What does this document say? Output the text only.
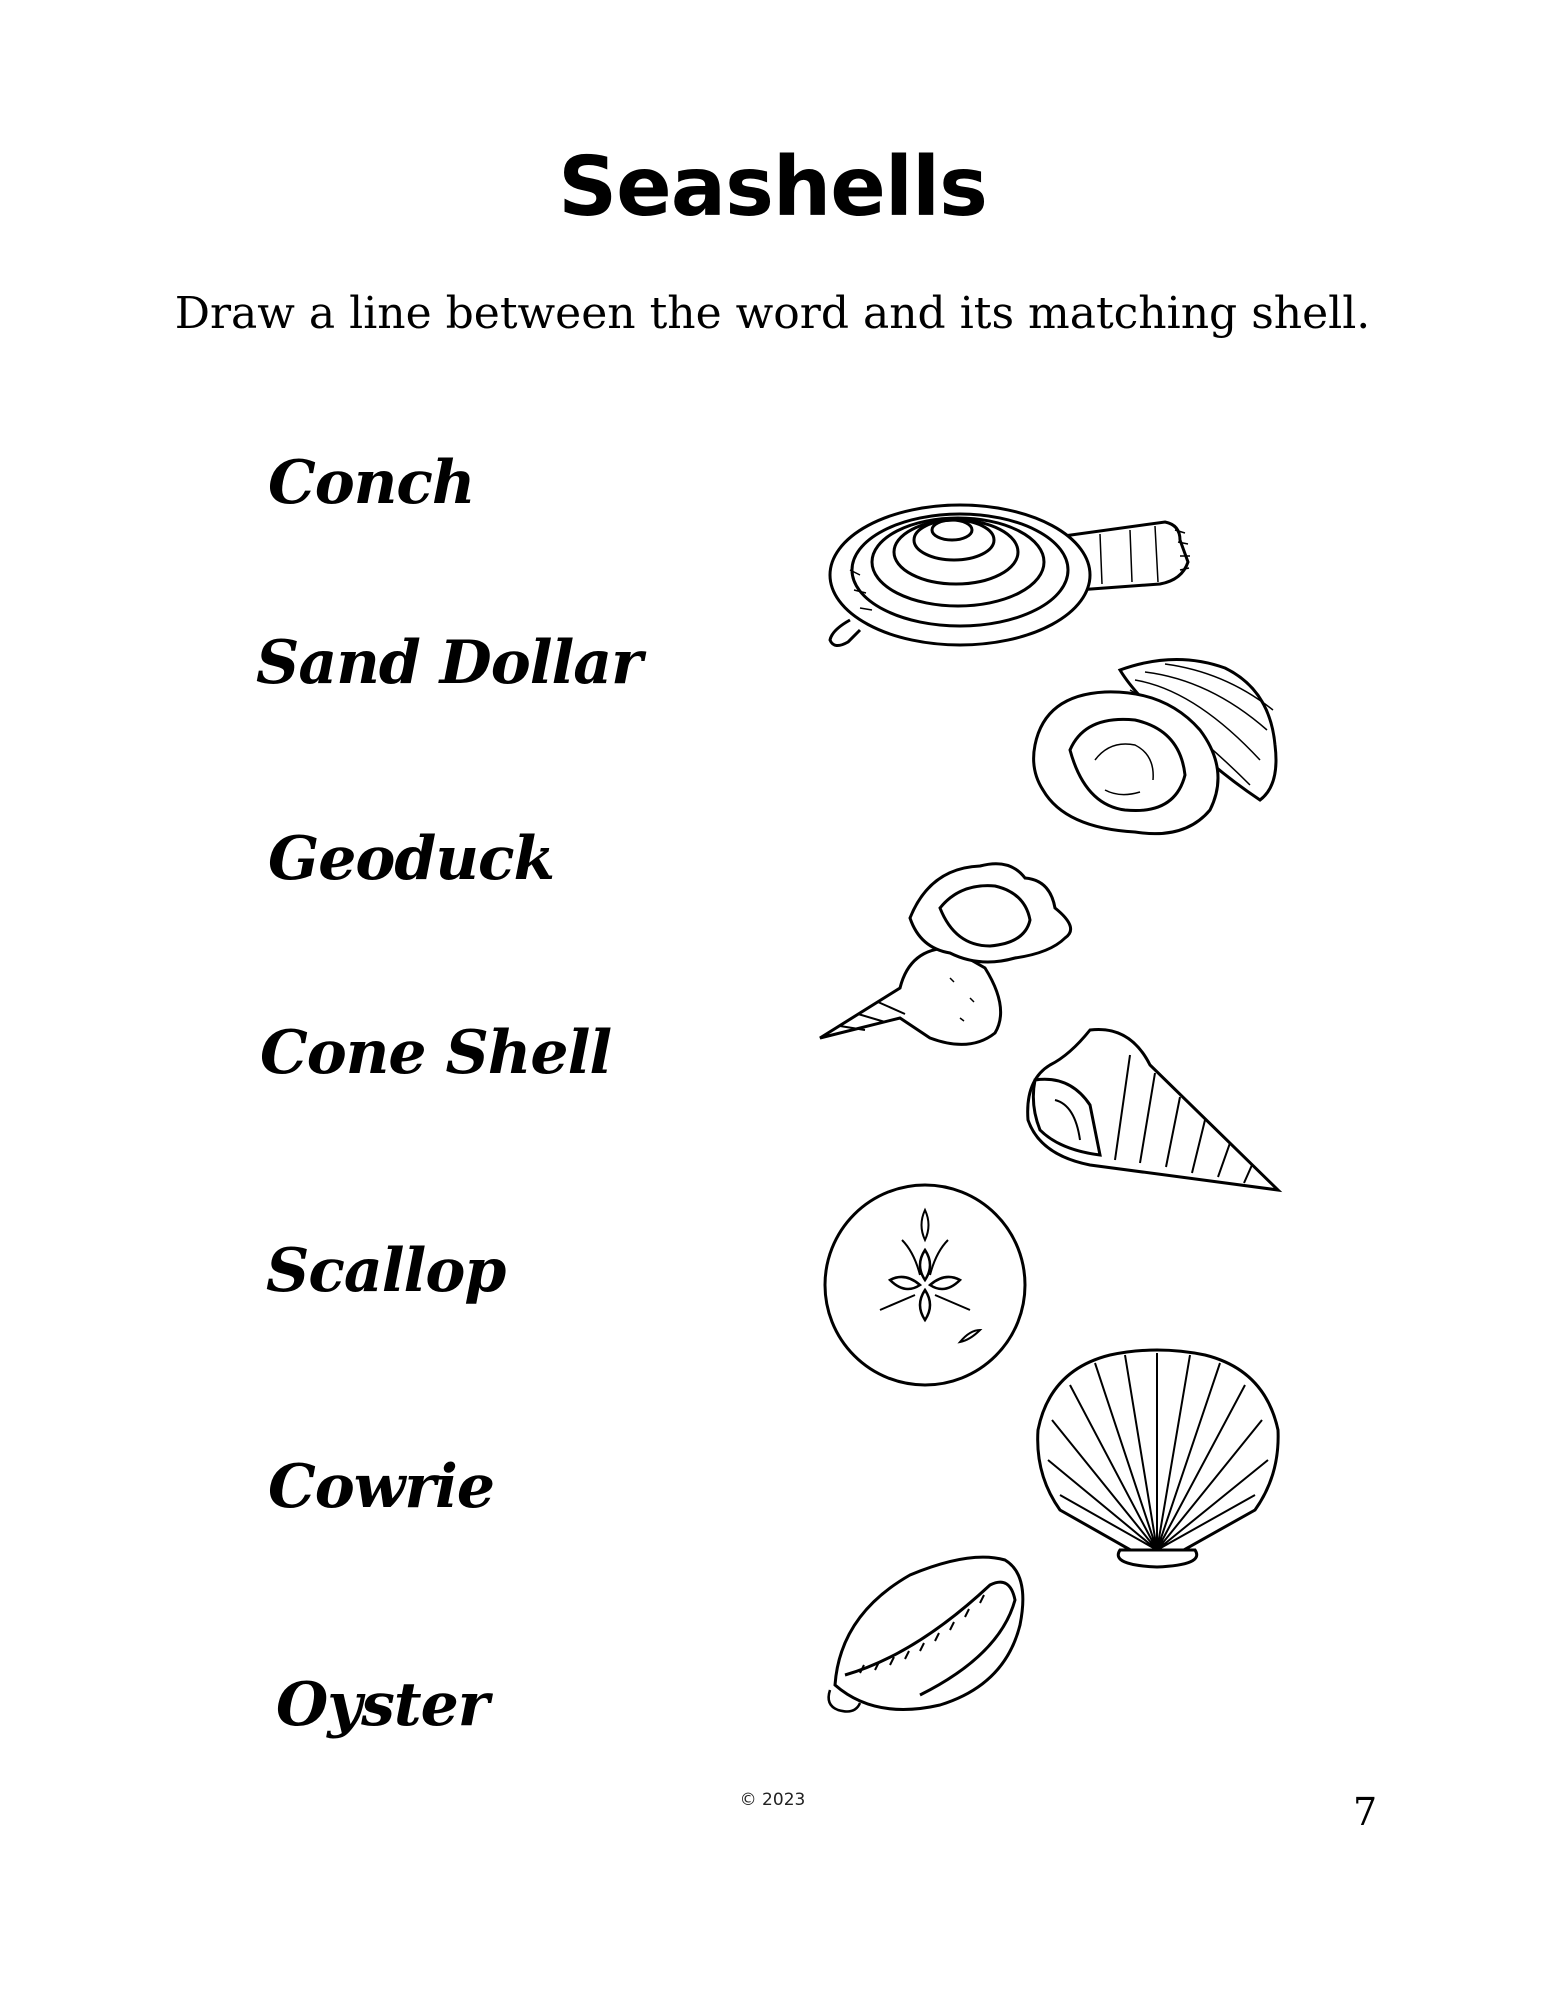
Seashells
Draw a line between the word and its matching shell.
Conch
Sand Dollar
Geoduck
Cone Shell
Scallop
Cowrie
Oyster
© 2023	7
